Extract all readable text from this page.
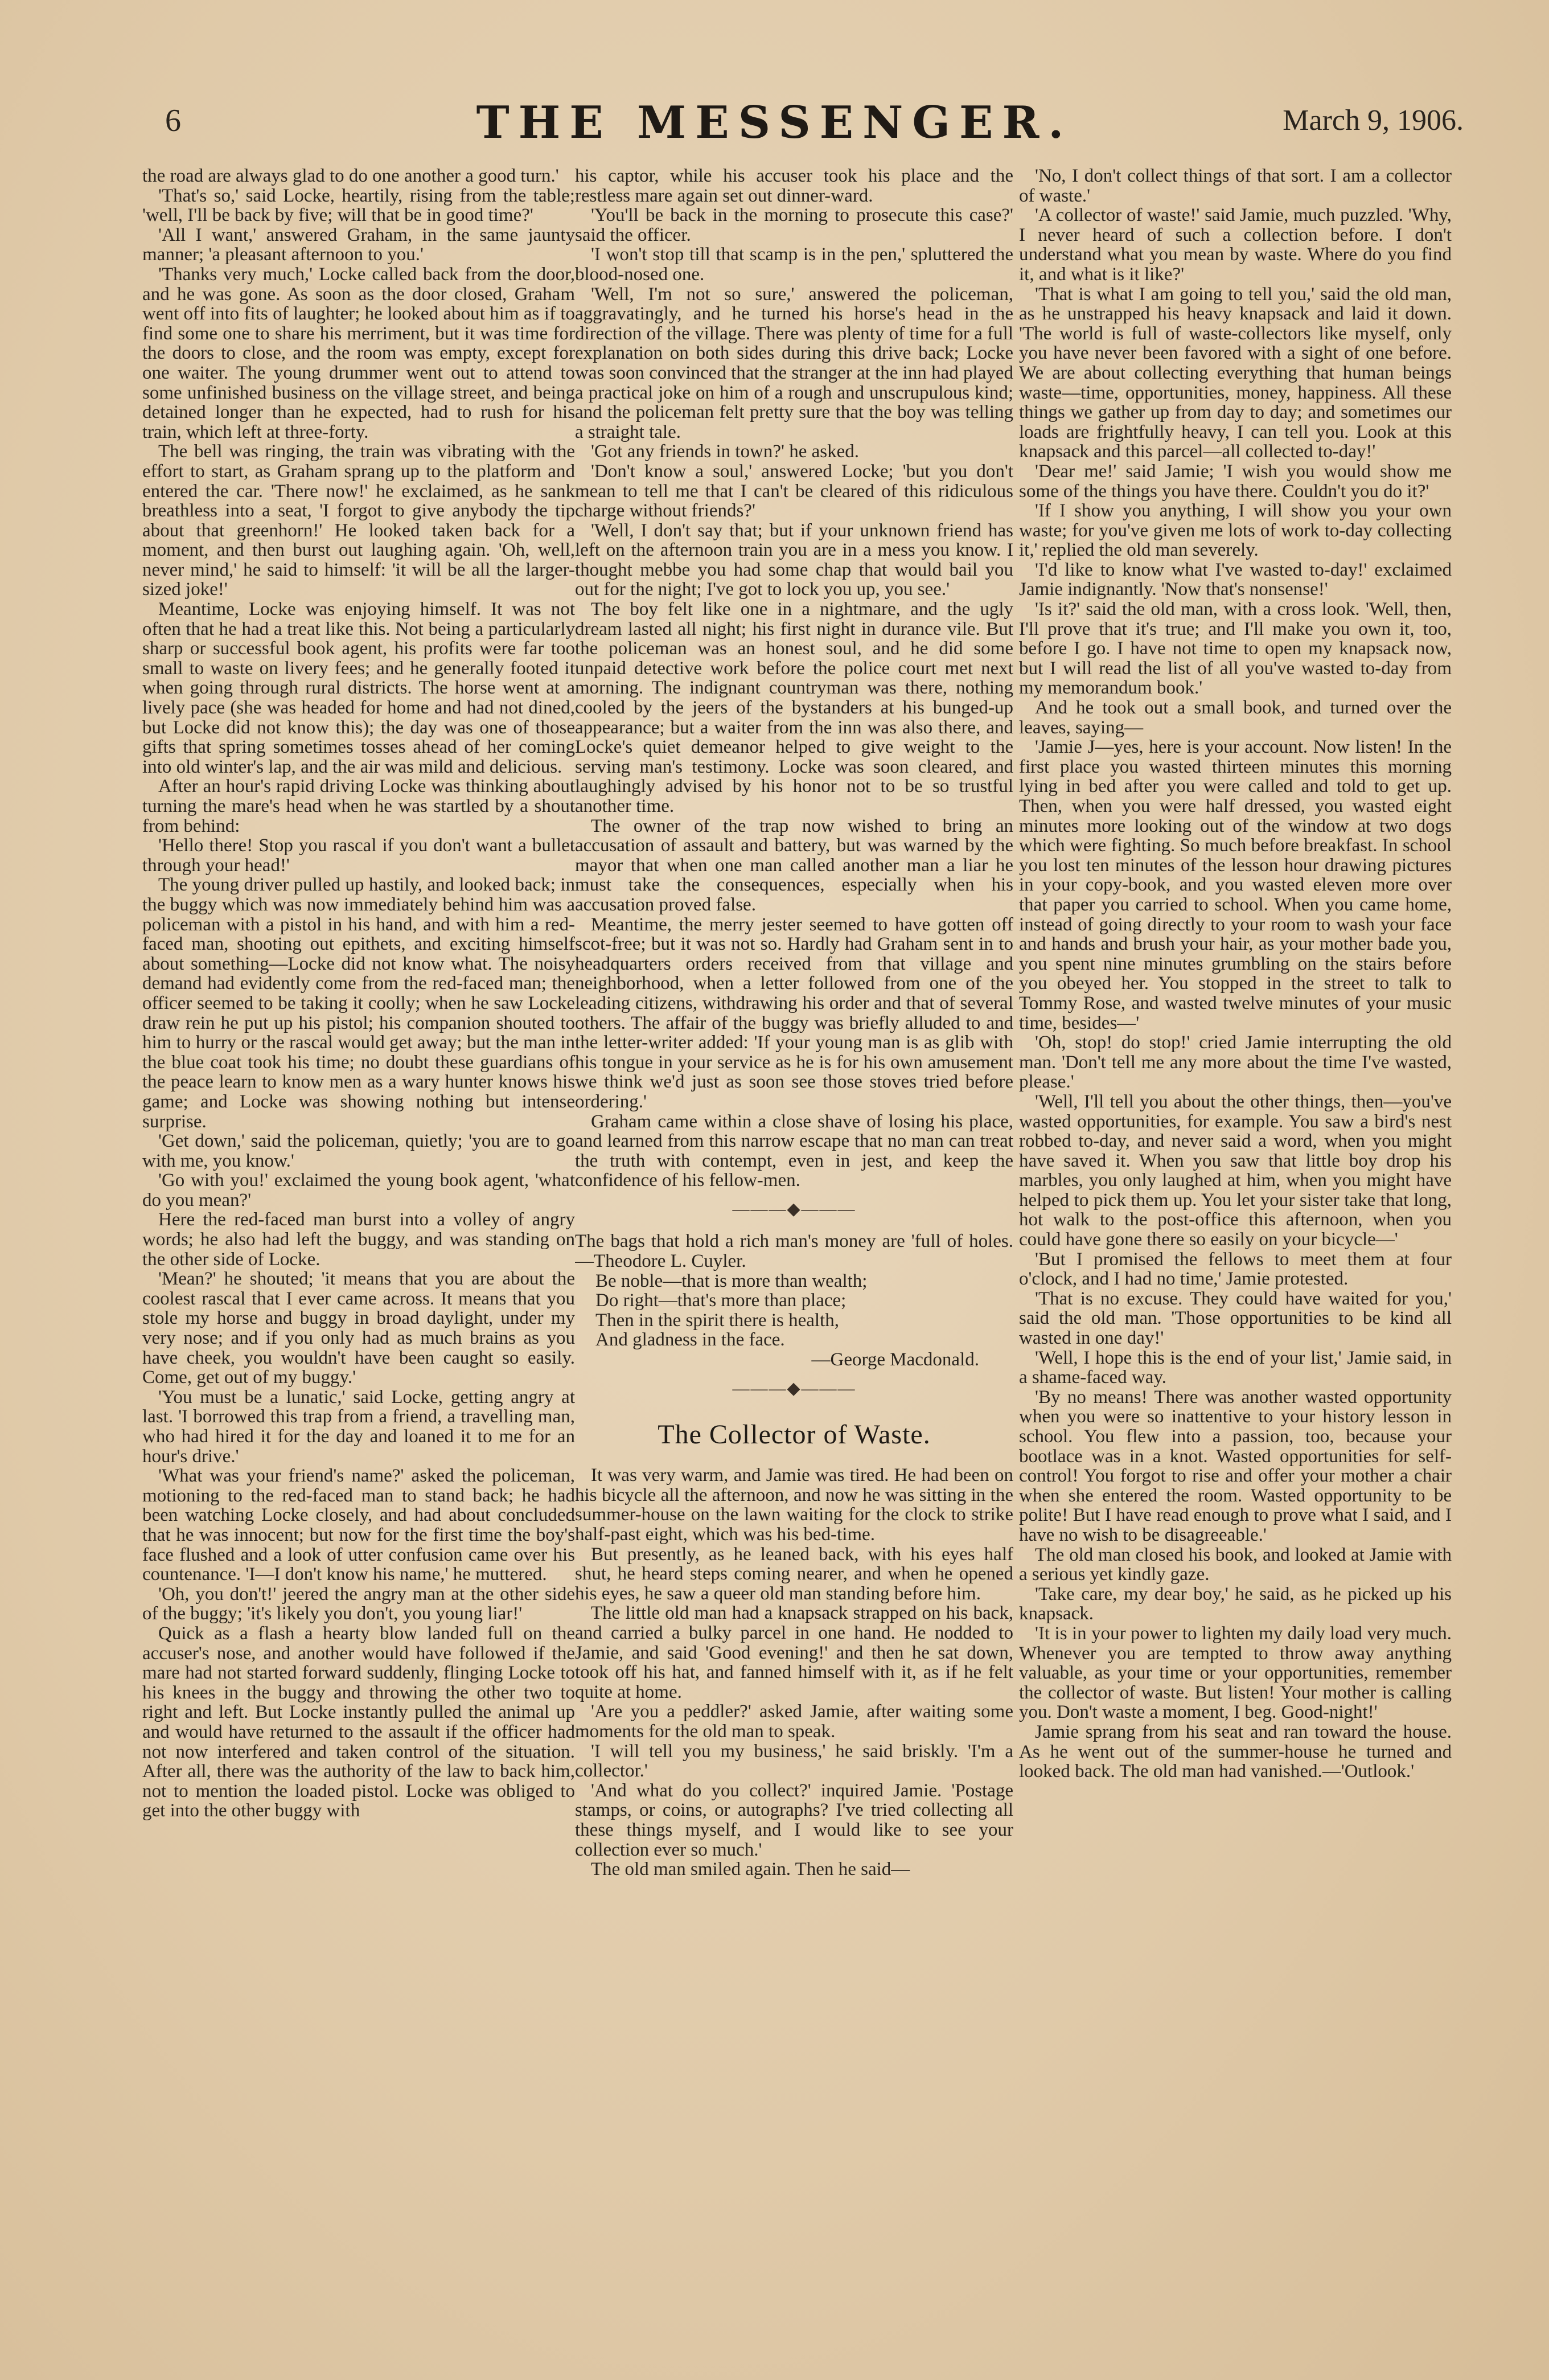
6	THE MESSENGER.	March 9, 1906.

the road are always glad to do one another a good turn.'

'That's so,' said Locke, heartily, rising from the table; 'well, I'll be back by five; will that be in good time?'

'All I want,' answered Graham, in the same jaunty manner; 'a pleasant afternoon to you.'

'Thanks very much,' Locke called back from the door, and he was gone. As soon as the door closed, Graham went off into fits of laughter; he looked about him as if to find some one to share his merriment, but it was time for the doors to close, and the room was empty, except for one waiter. The young drummer went out to attend to some unfinished business on the village street, and being detained longer than he expected, had to rush for his train, which left at three-forty.

The bell was ringing, the train was vibrating with the effort to start, as Graham sprang up to the platform and entered the car. 'There now!' he exclaimed, as he sank breathless into a seat, 'I forgot to give anybody the tip about that greenhorn!' He looked taken back for a moment, and then burst out laughing again. 'Oh, well, never mind,' he said to himself: 'it will be all the larger-sized joke!'

Meantime, Locke was enjoying himself. It was not often that he had a treat like this. Not being a particularly sharp or successful book agent, his profits were far too small to waste on livery fees; and he generally footed it when going through rural districts. The horse went at a lively pace (she was headed for home and had not dined, but Locke did not know this); the day was one of those gifts that spring sometimes tosses ahead of her coming into old winter's lap, and the air was mild and delicious.

After an hour's rapid driving Locke was thinking about turning the mare's head when he was startled by a shout from behind:

'Hello there! Stop you rascal if you don't want a bullet through your head!'

The young driver pulled up hastily, and looked back; in the buggy which was now immediately behind him was a policeman with a pistol in his hand, and with him a red-faced man, shooting out epithets, and exciting himself about something—Locke did not know what. The noisy demand had evidently come from the red-faced man; the officer seemed to be taking it coolly; when he saw Locke draw rein he put up his pistol; his companion shouted to him to hurry or the rascal would get away; but the man in the blue coat took his time; no doubt these guardians of the peace learn to know men as a wary hunter knows his game; and Locke was showing nothing but intense surprise.

'Get down,' said the policeman, quietly; 'you are to go with me, you know.'

'Go with you!' exclaimed the young book agent, 'what do you mean?'

Here the red-faced man burst into a volley of angry words; he also had left the buggy, and was standing on the other side of Locke.

'Mean?' he shouted; 'it means that you are about the coolest rascal that I ever came across. It means that you stole my horse and buggy in broad daylight, under my very nose; and if you only had as much brains as you have cheek, you wouldn't have been caught so easily. Come, get out of my buggy.'

'You must be a lunatic,' said Locke, getting angry at last. 'I borrowed this trap from a friend, a travelling man, who had hired it for the day and loaned it to me for an hour's drive.'

'What was your friend's name?' asked the policeman, motioning to the red-faced man to stand back; he had been watching Locke closely, and had about concluded that he was innocent; but now for the first time the boy's face flushed and a look of utter confusion came over his countenance. 'I—I don't know his name,' he muttered.

'Oh, you don't!' jeered the angry man at the other side of the buggy; 'it's likely you don't, you young liar!'

Quick as a flash a hearty blow landed full on the accuser's nose, and another would have followed if the mare had not started forward suddenly, flinging Locke to his knees in the buggy and throwing the other two to right and left. But Locke instantly pulled the animal up and would have returned to the assault if the officer had not now interfered and taken control of the situation. After all, there was the authority of the law to back him, not to mention the loaded pistol. Locke was obliged to get into the other buggy with

his captor, while his accuser took his place and the restless mare again set out dinner-ward.

'You'll be back in the morning to prosecute this case?' said the officer.

'I won't stop till that scamp is in the pen,' spluttered the blood-nosed one.

'Well, I'm not so sure,' answered the policeman, aggravatingly, and he turned his horse's head in the direction of the village. There was plenty of time for a full explanation on both sides during this drive back; Locke was soon convinced that the stranger at the inn had played a practical joke on him of a rough and unscrupulous kind; and the policeman felt pretty sure that the boy was telling a straight tale.

'Got any friends in town?' he asked.

'Don't know a soul,' answered Locke; 'but you don't mean to tell me that I can't be cleared of this ridiculous charge without friends?'

'Well, I don't say that; but if your unknown friend has left on the afternoon train you are in a mess you know. I thought mebbe you had some chap that would bail you out for the night; I've got to lock you up, you see.'

The boy felt like one in a nightmare, and the ugly dream lasted all night; his first night in durance vile. But the policeman was an honest soul, and he did some unpaid detective work before the police court met next morning. The indignant countryman was there, nothing cooled by the jeers of the bystanders at his bunged-up appearance; but a waiter from the inn was also there, and Locke's quiet demeanor helped to give weight to the serving man's testimony. Locke was soon cleared, and laughingly advised by his honor not to be so trustful another time.

The owner of the trap now wished to bring an accusation of assault and battery, but was warned by the mayor that when one man called another man a liar he must take the consequences, especially when his accusation proved false.

Meantime, the merry jester seemed to have gotten off scot-free; but it was not so. Hardly had Graham sent in to headquarters orders received from that village and neighborhood, when a letter followed from one of the leading citizens, withdrawing his order and that of several others. The affair of the buggy was briefly alluded to and the letter-writer added: 'If your young man is as glib with his tongue in your service as he is for his own amusement we think we'd just as soon see those stoves tried before ordering.'

Graham came within a close shave of losing his place, and learned from this narrow escape that no man can treat the truth with contempt, even in jest, and keep the confidence of his fellow-men.

———◆———
The bags that hold a rich man's money are 'full of holes.—Theodore L. Cuyler.
Be noble—that is more than wealth;
Do right—that's more than place;
Then in the spirit there is health,
And gladness in the face.
—George Macdonald.
———◆———
The Collector of Waste.

It was very warm, and Jamie was tired. He had been on his bicycle all the afternoon, and now he was sitting in the summer-house on the lawn waiting for the clock to strike half-past eight, which was his bed-time.

But presently, as he leaned back, with his eyes half shut, he heard steps coming nearer, and when he opened his eyes, he saw a queer old man standing before him.

The little old man had a knapsack strapped on his back, and carried a bulky parcel in one hand. He nodded to Jamie, and said 'Good evening!' and then he sat down, took off his hat, and fanned himself with it, as if he felt quite at home.

'Are you a peddler?' asked Jamie, after waiting some moments for the old man to speak.

'I will tell you my business,' he said briskly. 'I'm a collector.'

'And what do you collect?' inquired Jamie. 'Postage stamps, or coins, or autographs? I've tried collecting all these things myself, and I would like to see your collection ever so much.'

The old man smiled again. Then he said—

'No, I don't collect things of that sort. I am a collector of waste.'

'A collector of waste!' said Jamie, much puzzled. 'Why, I never heard of such a collection before. I don't understand what you mean by waste. Where do you find it, and what is it like?'

'That is what I am going to tell you,' said the old man, as he unstrapped his heavy knapsack and laid it down. 'The world is full of waste-collectors like myself, only you have never been favored with a sight of one before. We are about collecting everything that human beings waste—time, opportunities, money, happiness. All these things we gather up from day to day; and sometimes our loads are frightfully heavy, I can tell you. Look at this knapsack and this parcel—all collected to-day!'

'Dear me!' said Jamie; 'I wish you would show me some of the things you have there. Couldn't you do it?'

'If I show you anything, I will show you your own waste; for you've given me lots of work to-day collecting it,' replied the old man severely.

'I'd like to know what I've wasted to-day!' exclaimed Jamie indignantly. 'Now that's nonsense!'

'Is it?' said the old man, with a cross look. 'Well, then, I'll prove that it's true; and I'll make you own it, too, before I go. I have not time to open my knapsack now, but I will read the list of all you've wasted to-day from my memorandum book.'

And he took out a small book, and turned over the leaves, saying—

'Jamie J—yes, here is your account. Now listen! In the first place you wasted thirteen minutes this morning lying in bed after you were called and told to get up. Then, when you were half dressed, you wasted eight minutes more looking out of the window at two dogs which were fighting. So much before breakfast. In school you lost ten minutes of the lesson hour drawing pictures in your copy-book, and you wasted eleven more over that paper you carried to school. When you came home, instead of going directly to your room to wash your face and hands and brush your hair, as your mother bade you, you spent nine minutes grumbling on the stairs before you obeyed her. You stopped in the street to talk to Tommy Rose, and wasted twelve minutes of your music time, besides—'

'Oh, stop! do stop!' cried Jamie interrupting the old man. 'Don't tell me any more about the time I've wasted, please.'

'Well, I'll tell you about the other things, then—you've wasted opportunities, for example. You saw a bird's nest robbed to-day, and never said a word, when you might have saved it. When you saw that little boy drop his marbles, you only laughed at him, when you might have helped to pick them up. You let your sister take that long, hot walk to the post-office this afternoon, when you could have gone there so easily on your bicycle—'

'But I promised the fellows to meet them at four o'clock, and I had no time,' Jamie protested.

'That is no excuse. They could have waited for you,' said the old man. 'Those opportunities to be kind all wasted in one day!'

'Well, I hope this is the end of your list,' Jamie said, in a shame-faced way.

'By no means! There was another wasted opportunity when you were so inattentive to your history lesson in school. You flew into a passion, too, because your bootlace was in a knot. Wasted opportunities for self-control! You forgot to rise and offer your mother a chair when she entered the room. Wasted opportunity to be polite! But I have read enough to prove what I said, and I have no wish to be disagreeable.'

The old man closed his book, and looked at Jamie with a serious yet kindly gaze.

'Take care, my dear boy,' he said, as he picked up his knapsack.

'It is in your power to lighten my daily load very much. Whenever you are tempted to throw away anything valuable, as your time or your opportunities, remember the collector of waste. But listen! Your mother is calling you. Don't waste a moment, I beg. Good-night!'

Jamie sprang from his seat and ran toward the house. As he went out of the summer-house he turned and looked back. The old man had vanished.—'Outlook.'
